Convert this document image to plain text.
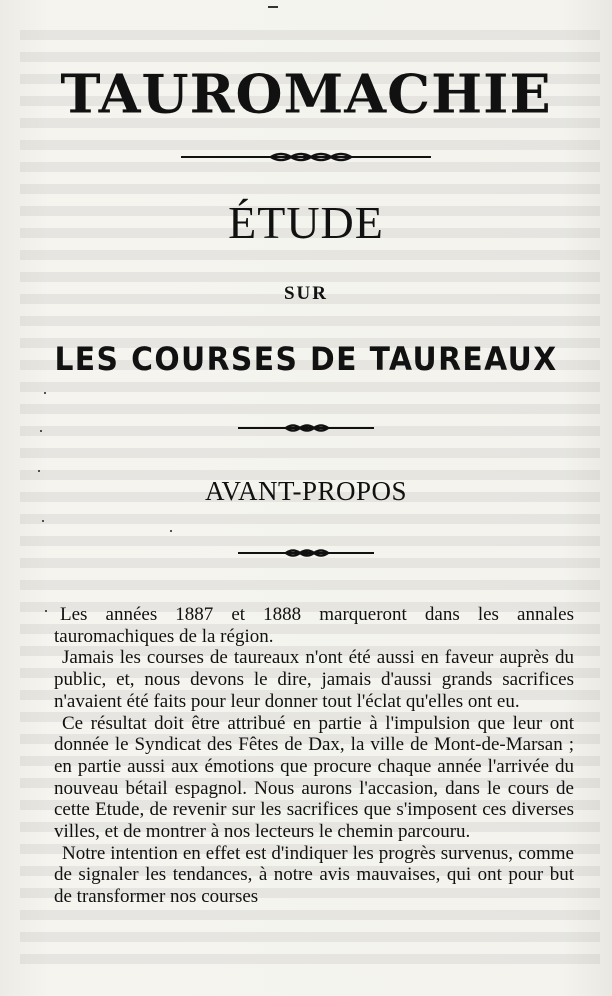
TAUROMACHIE
ÉTUDE
SUR
LES COURSES DE TAUREAUX
AVANT-PROPOS

Les années 1887 et 1888 marqueront dans les annales tauromachiques de la région.

Jamais les courses de taureaux n'ont été aussi en faveur auprès du public, et, nous devons le dire, jamais d'aussi grands sacrifices n'avaient été faits pour leur donner tout l'éclat qu'elles ont eu.

Ce résultat doit être attribué en partie à l'impulsion que leur ont donnée le Syndicat des Fêtes de Dax, la ville de Mont-de-Marsan ; en partie aussi aux émotions que procure chaque année l'arrivée du nouveau bétail espagnol. Nous aurons l'accasion, dans le cours de cette Etude, de revenir sur les sacrifices que s'imposent ces diverses villes, et de montrer à nos lecteurs le chemin parcouru.

Notre intention en effet est d'indiquer les progrès survenus, comme de signaler les tendances, à notre avis mauvaises, qui ont pour but de transformer nos courses
